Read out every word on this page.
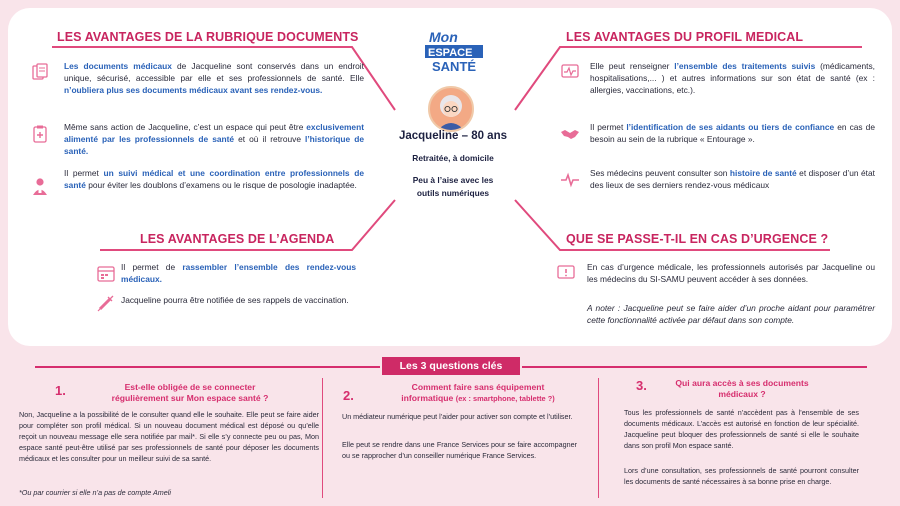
Mon
ESPACE
SANTÉ
Jacqueline – 80 ans
Retraitée, à domicile
Peu à l’aise avec les
outils numériques
LES AVANTAGES DE LA RUBRIQUE DOCUMENTS
Les documents médicaux de Jacqueline sont conservés dans un endroit unique, sécurisé, accessible par elle et ses professionnels de santé. Elle n’oubliera plus ses documents médicaux avant ses rendez-vous.
Même sans action de Jacqueline, c’est un espace qui peut être exclusivement alimenté par les professionnels de santé et où il retrouve l’historique de santé.
Il permet un suivi médical et une coordination entre professionnels de santé pour éviter les doublons d’examens ou le risque de posologie inadaptée.
LES AVANTAGES DE L’AGENDA
Il permet de rassembler l’ensemble des rendez-vous médicaux.
Jacqueline pourra être notifiée de ses rappels de vaccination.
LES AVANTAGES DU PROFIL MEDICAL
Elle peut renseigner l’ensemble des traitements suivis (médicaments, hospitalisations,... ) et autres informations sur son état de santé (ex : allergies, vaccinations, etc.).
Il permet l’identification de ses aidants ou tiers de confiance en cas de besoin au sein de la rubrique « Entourage ».
Ses médecins peuvent consulter son histoire de santé et disposer d’un état des lieux de ses derniers rendez-vous médicaux
QUE SE PASSE-T-IL EN CAS D’URGENCE ?
En cas d’urgence médicale, les professionnels autorisés par Jacqueline ou les médecins du SI-SAMU peuvent accéder à ses données.
A noter : Jacqueline peut se faire aider d’un proche aidant pour paramétrer cette fonctionnalité activée par défaut dans son compte.
Les 3 questions clés
1.	Est-elle obligée de se connecter
régulièrement sur Mon espace santé ?
Non, Jacqueline a la possibilité de le consulter quand elle le souhaite. Elle peut se faire aider pour compléter son profil médical. Si un nouveau document médical est déposé ou qu’elle reçoit un nouveau message elle sera notifiée par mail*. Si elle s’y connecte peu ou pas, Mon espace santé peut-être utilisé par ses professionnels de santé pour déposer les documents médicaux et les consulter pour un meilleur suivi de sa santé.
*Ou par courrier si elle n’a pas de compte Ameli
2.
Comment faire sans équipement
informatique (ex : smartphone, tablette ?)
Un médiateur numérique peut l’aider pour activer son compte et l’utiliser.
Elle peut se rendre dans une France Services pour se faire accompagner ou se rapprocher d’un conseiller numérique France Services.
3.	Qui aura accès à ses documents
médicaux ?
Tous les professionnels de santé n’accèdent pas à l’ensemble de ses documents médicaux. L’accès est autorisé en fonction de leur spécialité. Jacqueline peut bloquer des professionnels de santé si elle le souhaite dans son profil Mon espace santé.
Lors d’une consultation, ses professionnels de santé pourront consulter les documents de santé nécessaires à sa bonne prise en charge.
